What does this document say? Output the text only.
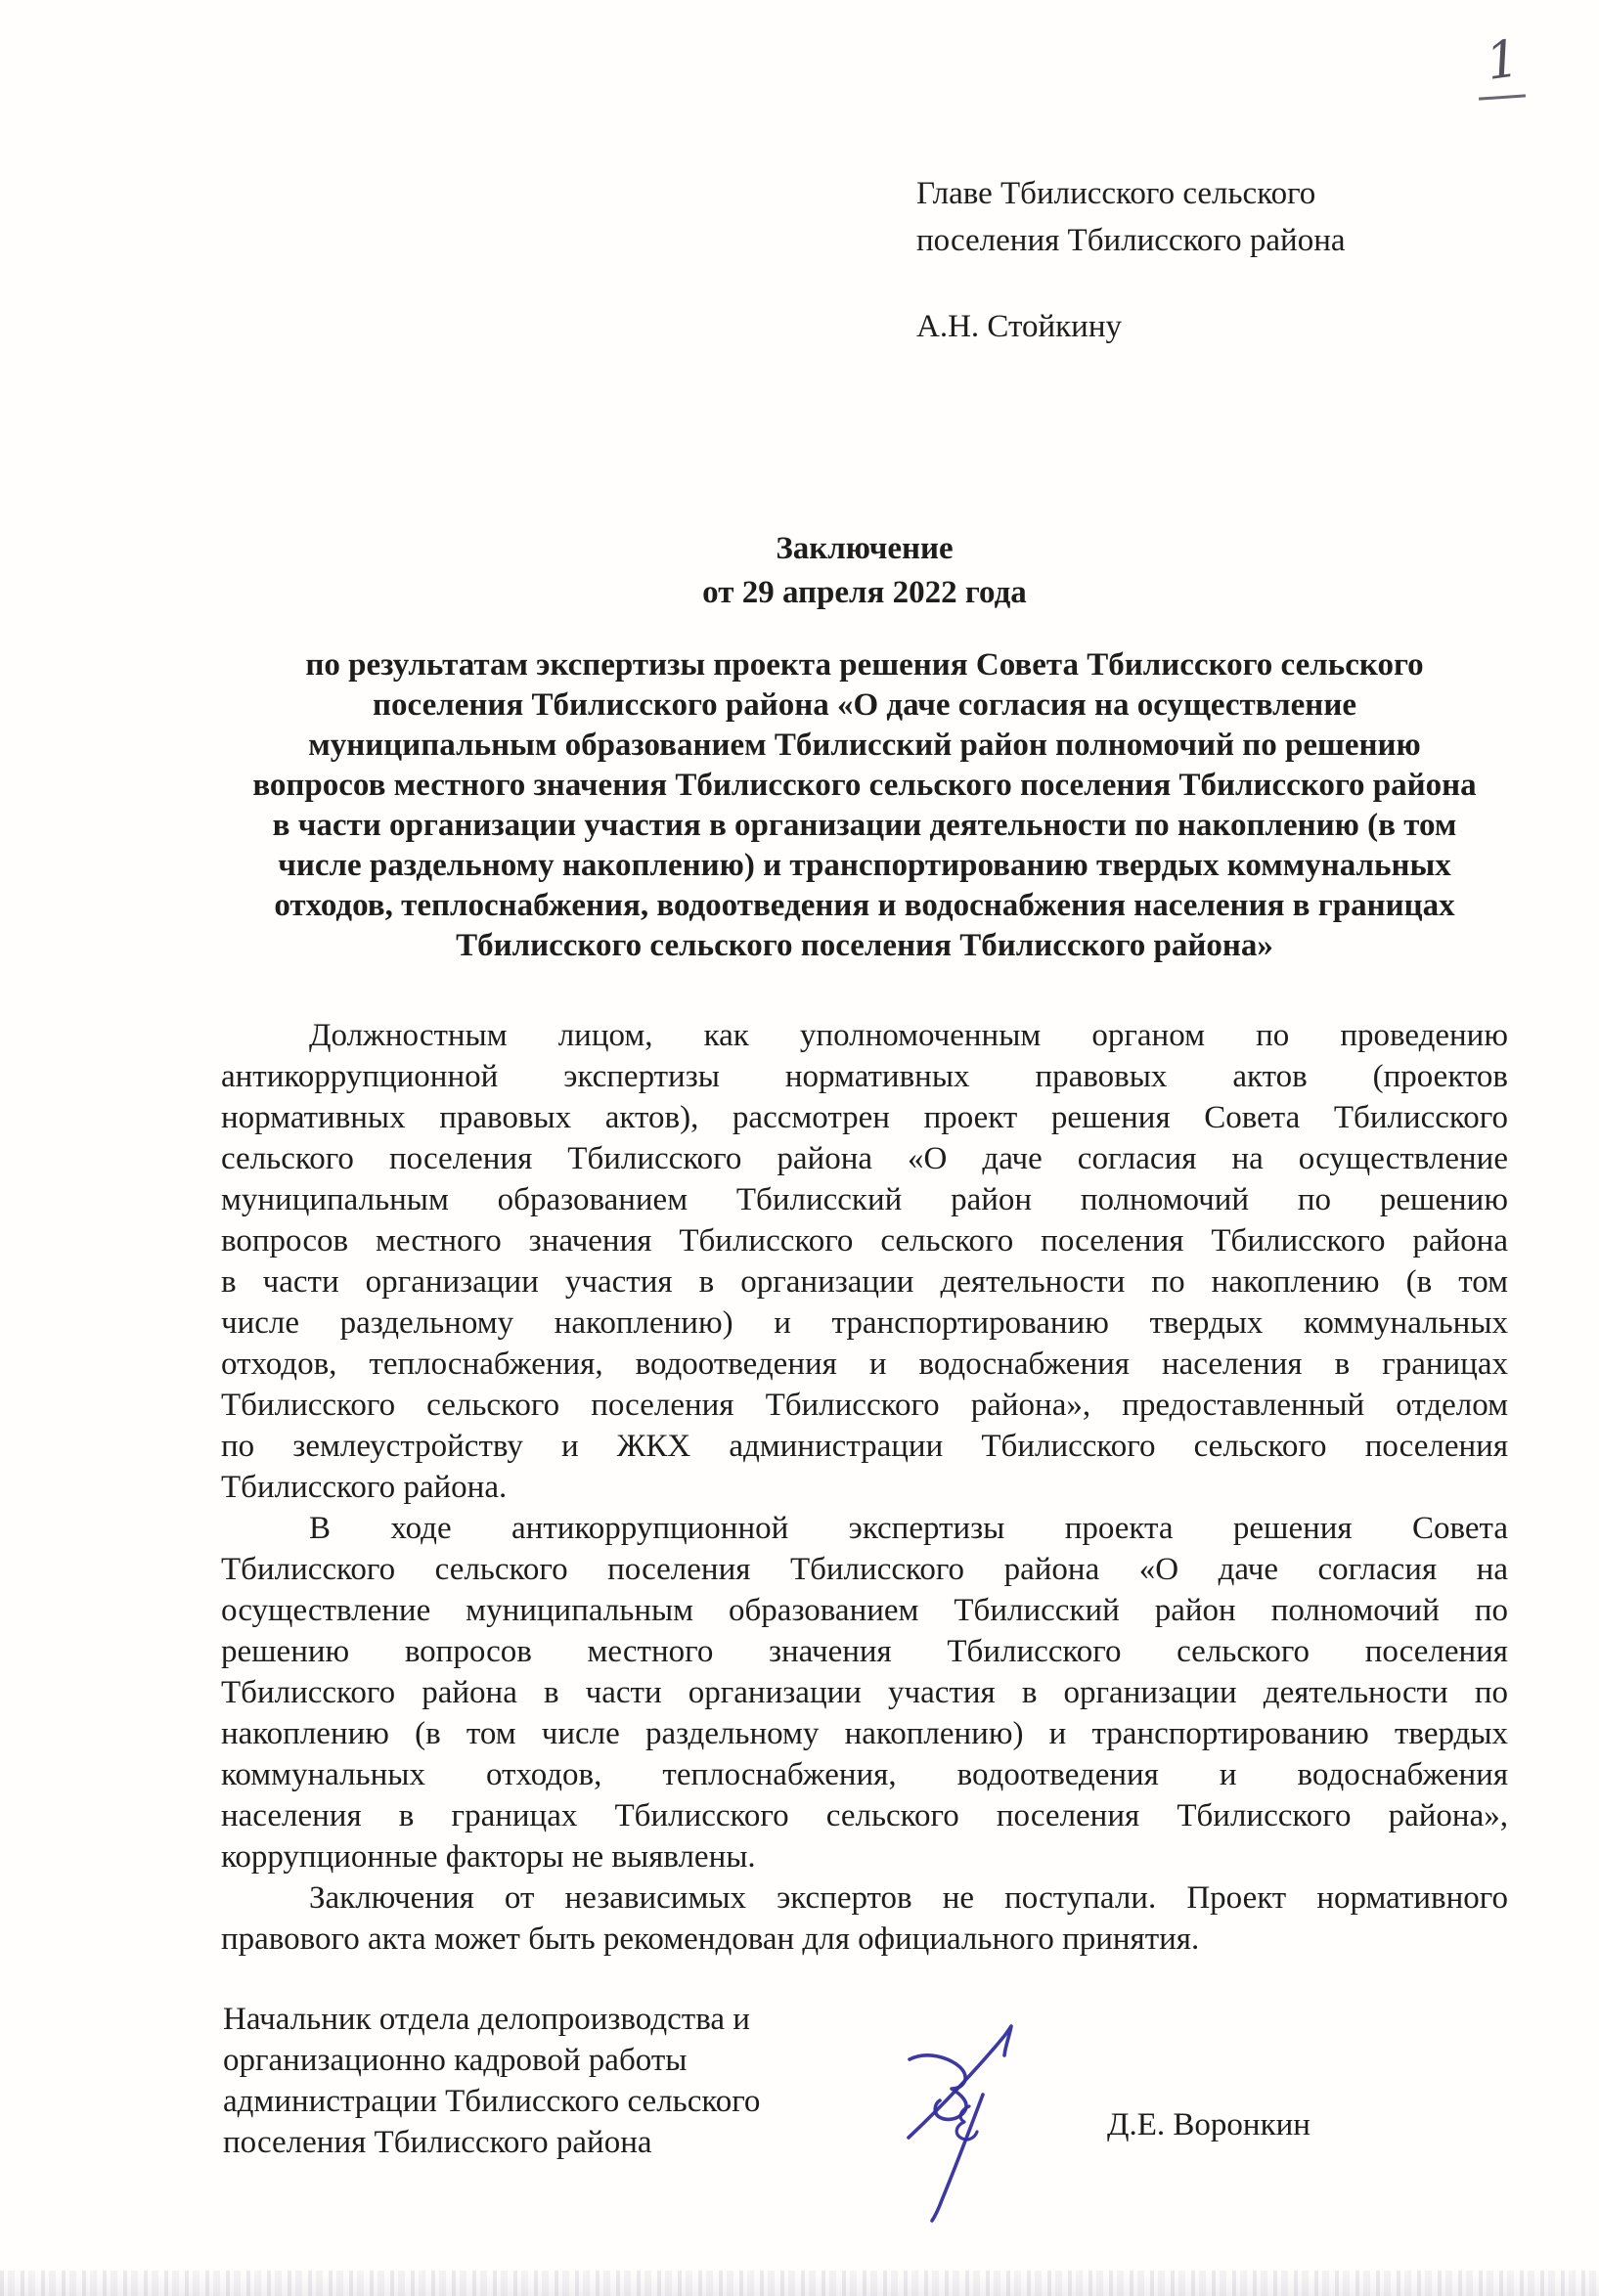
1
Главе Тбилисского сельского
поселения Тбилисского района
А.Н. Стойкину
Заключение
от 29 апреля 2022 года
по результатам экспертизы проекта решения Совета Тбилисского сельского
поселения Тбилисского района «О даче согласия на осуществление
муниципальным образованием Тбилисский район полномочий по решению
вопросов местного значения Тбилисского сельского поселения Тбилисского района
в части организации участия в организации деятельности по накоплению (в том
числе раздельному накоплению) и транспортированию твердых коммунальных
отходов, теплоснабжения, водоотведения и водоснабжения населения в границах
Тбилисского сельского поселения Тбилисского района»
Должностным лицом, как уполномоченным органом по проведению
антикоррупционной экспертизы нормативных правовых актов (проектов
нормативных правовых актов), рассмотрен проект решения Совета Тбилисского
сельского поселения Тбилисского района «О даче согласия на осуществление
муниципальным образованием Тбилисский район полномочий по решению
вопросов местного значения Тбилисского сельского поселения Тбилисского района
в части организации участия в организации деятельности по накоплению (в том
числе раздельному накоплению) и транспортированию твердых коммунальных
отходов, теплоснабжения, водоотведения и водоснабжения населения в границах
Тбилисского сельского поселения Тбилисского района», предоставленный отделом
по землеустройству и ЖКХ администрации Тбилисского сельского поселения
Тбилисского района.
В ходе антикоррупционной экспертизы проекта решения Совета
Тбилисского сельского поселения Тбилисского района «О даче согласия на
осуществление муниципальным образованием Тбилисский район полномочий по
решению вопросов местного значения Тбилисского сельского поселения
Тбилисского района в части организации участия в организации деятельности по
накоплению (в том числе раздельному накоплению) и транспортированию твердых
коммунальных отходов, теплоснабжения, водоотведения и водоснабжения
населения в границах Тбилисского сельского поселения Тбилисского района»,
коррупционные факторы не выявлены.
Заключения от независимых экспертов не поступали. Проект нормативного
правового акта может быть рекомендован для официального принятия.
Начальник отдела делопроизводства и
организационно кадровой работы
администрации Тбилисского сельского
поселения Тбилисского района	Д.Е. Воронкин
